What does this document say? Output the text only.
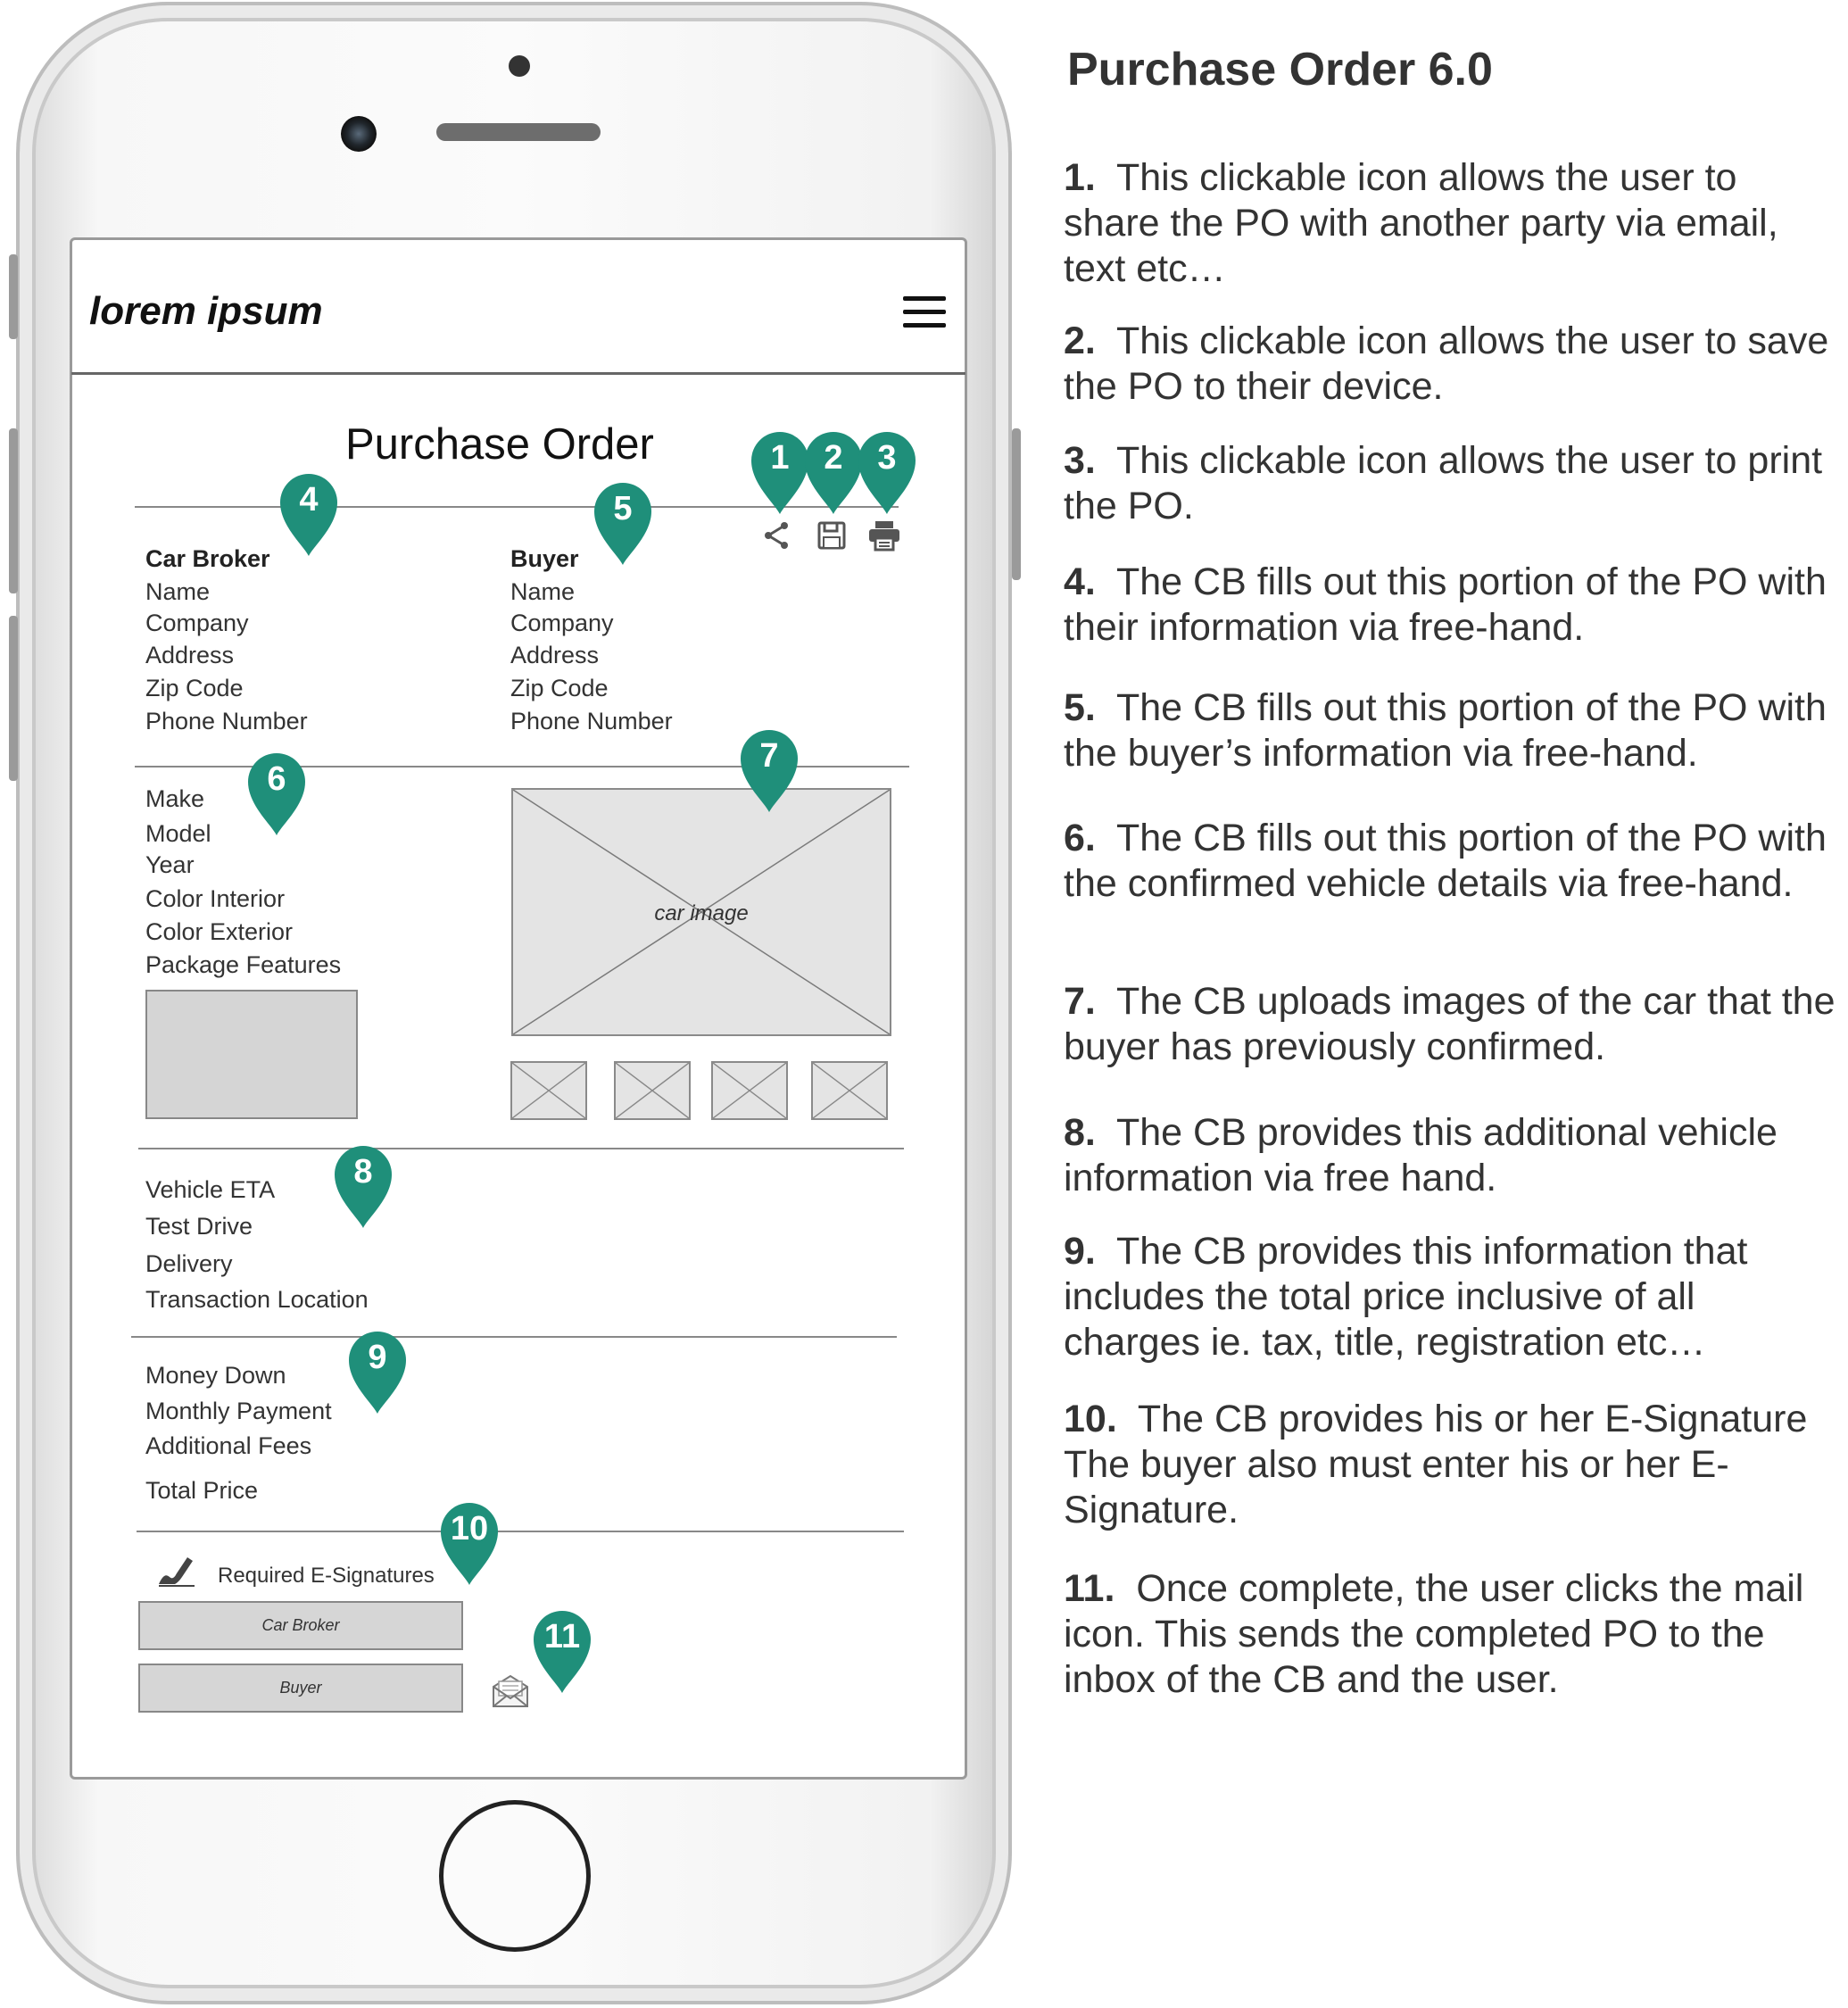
lorem ipsum
Purchase Order
Car Broker
Name
Company
Address
Zip Code
Phone Number
Buyer
Name
Company
Address
Zip Code
Phone Number
Make
Model
Year
Color Interior
Color Exterior
Package Features
car image
Vehicle ETA
Test Drive
Delivery
Transaction Location
Money Down
Monthly Payment
Additional Fees
Total Price
Required E-Signatures
Car Broker
Buyer
1	2	3
4	5
6
7
8
9
10
11
Purchase Order 6.0
1. This clickable icon allows the user to share the PO with another party via email, text etc…
2. This clickable icon allows the user to save the PO to their device.
3. This clickable icon allows the user to print the PO.
4. The CB fills out this portion of the PO with their information via free-hand.
5. The CB fills out this portion of the PO with the buyer’s information via free-hand.
6. The CB fills out this portion of the PO with the confirmed vehicle details via free-hand.
7. The CB uploads images of the car that the buyer has previously confirmed.
8. The CB provides this additional vehicle information via free hand.
9. The CB provides this information that includes the total price inclusive of all charges ie. tax, title, registration etc…
10. The CB provides his or her E-Signature The buyer also must enter his or her E-Signature.
11. Once complete, the user clicks the mail icon. This sends the completed PO to the inbox of the CB and the user.
